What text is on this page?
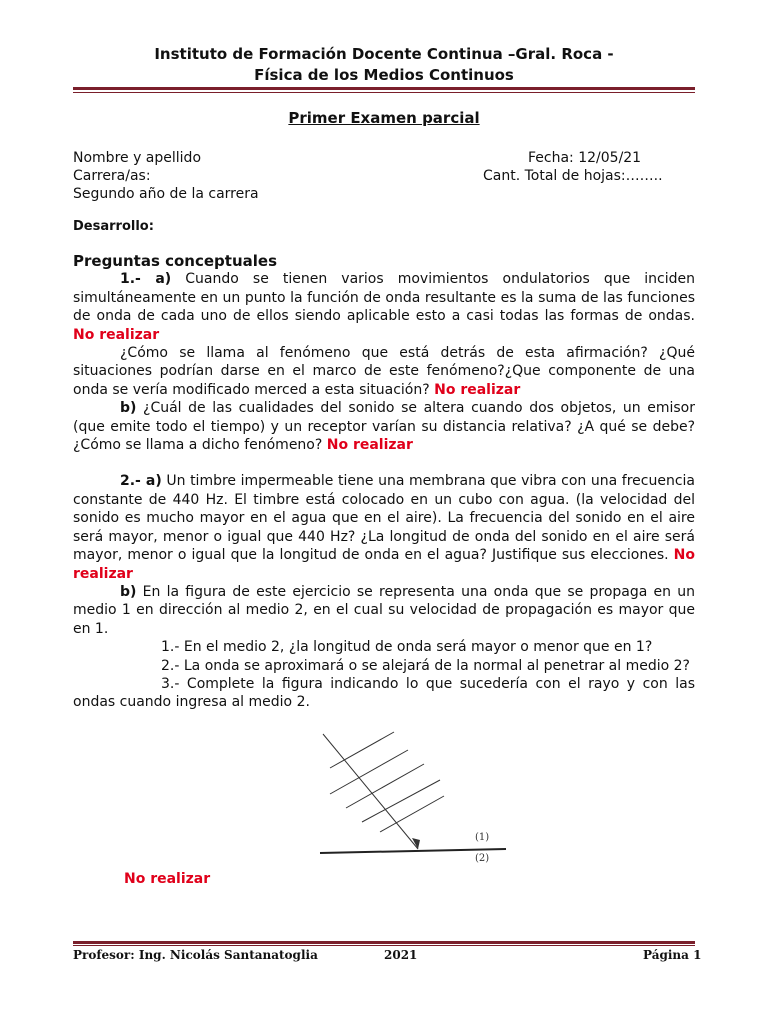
Instituto de Formación Docente Continua –Gral. Roca -
Física de los Medios Continuos
Primer Examen parcial
Nombre y apellido	Fecha: 12/05/21
Carrera/as:	Cant. Total de hojas:……..
Segundo año de la carrera
Desarrollo:

Preguntas conceptuales

1.- a) Cuando se tienen varios movimientos ondulatorios que inciden simultáneamente en un punto la función de onda resultante es la suma de las funciones de onda de cada uno de ellos siendo aplicable esto a casi todas las formas de ondas. No realizar

¿Cómo se llama al fenómeno que está detrás de esta afirmación? ¿Qué situaciones podrían darse en el marco de este fenómeno?¿Que componente de una onda se vería modificado merced a esta situación? No realizar

b) ¿Cuál de las cualidades del sonido se altera cuando dos objetos, un emisor (que emite todo el tiempo) y un receptor varían su distancia relativa? ¿A qué se debe? ¿Cómo se llama a dicho fenómeno? No realizar

2.- a) Un timbre impermeable tiene una membrana que vibra con una frecuencia constante de 440 Hz. El timbre está colocado en un cubo con agua. (la velocidad del sonido es mucho mayor en el agua que en el aire). La frecuencia del sonido en el aire será mayor, menor o igual que 440 Hz? ¿La longitud de onda del sonido en el aire será mayor, menor o igual que la longitud de onda en el agua? Justifique sus elecciones. No realizar

b) En la figura de este ejercicio se representa una onda que se propaga en un medio 1 en dirección al medio 2, en el cual su velocidad de propagación es mayor que en 1.

1.- En el medio 2, ¿la longitud de onda será mayor o menor que en 1?

2.- La onda se aproximará o se alejará de la normal al penetrar al medio 2?

3.- Complete la figura indicando lo que sucedería con el rayo y con las ondas cuando ingresa al medio 2.

(1)
(2)
No realizar
Profesor: Ing. Nicolás Santanatoglia	2021	Página 1
